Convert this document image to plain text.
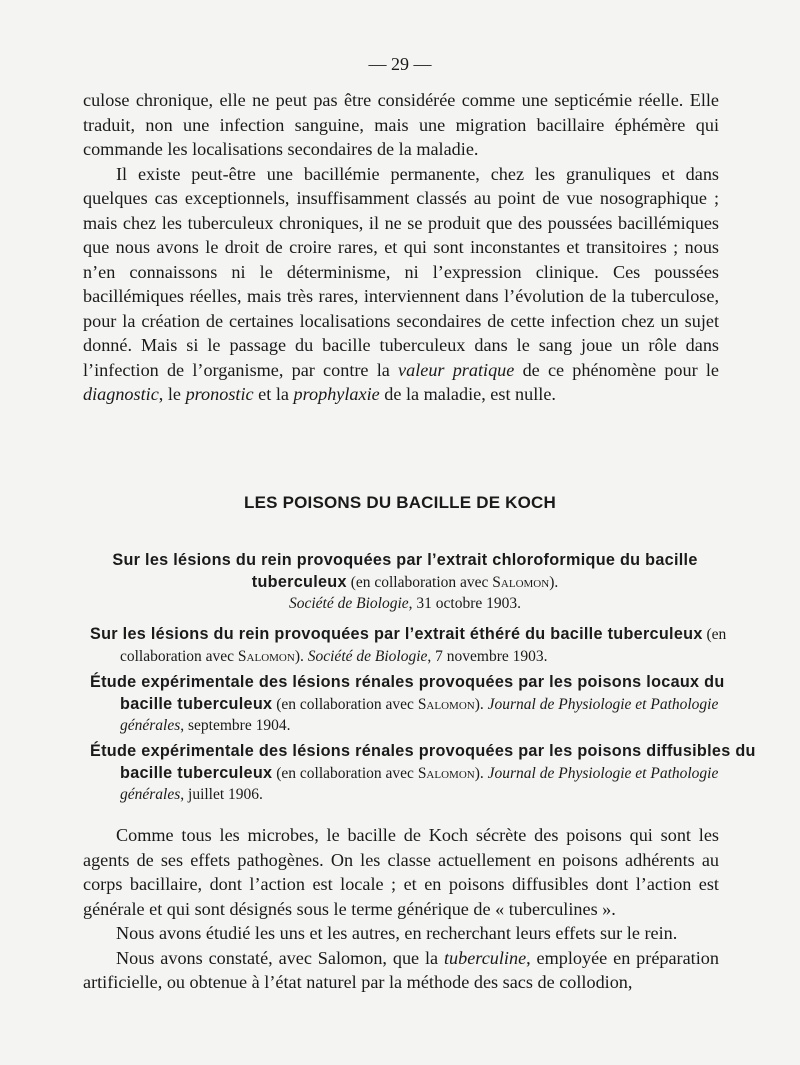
— 29 —

culose chronique, elle ne peut pas être considérée comme une septicémie réelle. Elle traduit, non une infection sanguine, mais une migration bacillaire éphémère qui commande les localisations secondaires de la maladie.

Il existe peut-être une bacillémie permanente, chez les granuliques et dans quelques cas exceptionnels, insuffisamment classés au point de vue nosographique ; mais chez les tuberculeux chroniques, il ne se produit que des poussées bacillémiques que nous avons le droit de croire rares, et qui sont inconstantes et transitoires ; nous n’en connaissons ni le déterminisme, ni l’expression clinique. Ces poussées bacillémiques réelles, mais très rares, interviennent dans l’évolution de la tuberculose, pour la création de certaines localisations secondaires de cette infection chez un sujet donné. Mais si le passage du bacille tuberculeux dans le sang joue un rôle dans l’infection de l’organisme, par contre la valeur pratique de ce phénomène pour le diagnostic, le pronostic et la prophylaxie de la maladie, est nulle.

LES POISONS DU BACILLE DE KOCH
Sur les lésions du rein provoquées par l’extrait chloroformique du bacille tuberculeux (en collaboration avec Salomon).
Société de Biologie, 31 octobre 1903.
Sur les lésions du rein provoquées par l’extrait éthéré du bacille tuberculeux (en collaboration avec Salomon). Société de Biologie, 7 novembre 1903.
Étude expérimentale des lésions rénales provoquées par les poisons locaux du bacille tuberculeux (en collaboration avec Salomon). Journal de Physiologie et Pathologie générales, septembre 1904.
Étude expérimentale des lésions rénales provoquées par les poisons diffusibles du bacille tuberculeux (en collaboration avec Salomon). Journal de Physiologie et Pathologie générales, juillet 1906.

Comme tous les microbes, le bacille de Koch sécrète des poisons qui sont les agents de ses effets pathogènes. On les classe actuellement en poisons adhérents au corps bacillaire, dont l’action est locale ; et en poisons diffusibles dont l’action est générale et qui sont désignés sous le terme générique de « tuberculines ».

Nous avons étudié les uns et les autres, en recherchant leurs effets sur le rein.

Nous avons constaté, avec Salomon, que la tuberculine, employée en préparation artificielle, ou obtenue à l’état naturel par la méthode des sacs de collodion,
